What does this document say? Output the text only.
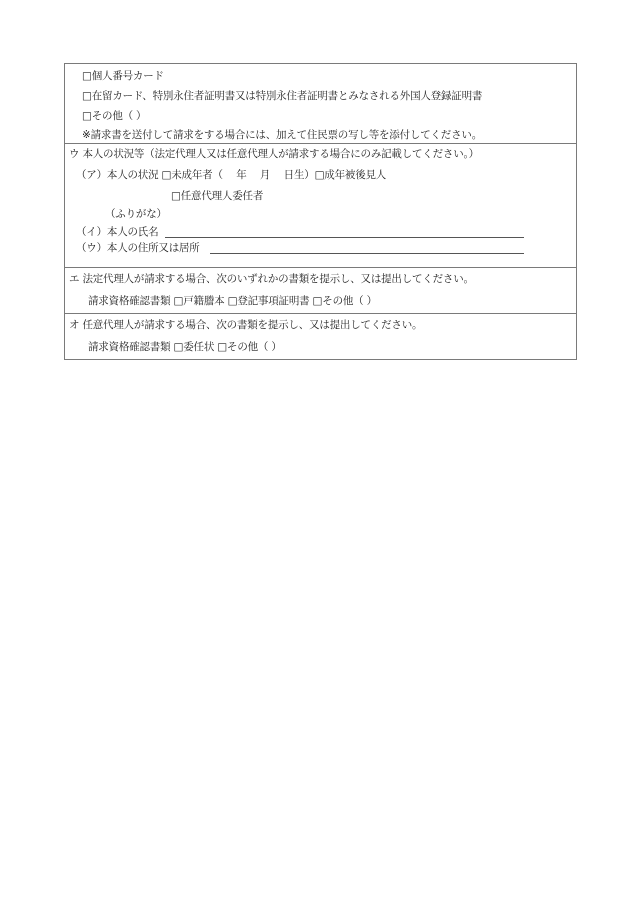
□個人番号カード
□在留カード、特別永住者証明書又は特別永住者証明書とみなされる外国人登録証明書
□その他（ ）
※請求書を送付して請求をする場合には、加えて住民票の写し等を添付してください。
ウ 本人の状況等（法定代理人又は任意代理人が請求する場合にのみ記載してください。）
（ア）本人の状況 □未成年者（　 年　 月　 日生）□成年被後見人
□任意代理人委任者
（ふりがな）
（イ）本人の氏名
（ウ）本人の住所又は居所
エ 法定代理人が請求する場合、次のいずれかの書類を提示し、又は提出してください。
請求資格確認書類 □戸籍謄本 □登記事項証明書 □その他（ ）
オ 任意代理人が請求する場合、次の書類を提示し、又は提出してください。
請求資格確認書類 □委任状 □その他（ ）
